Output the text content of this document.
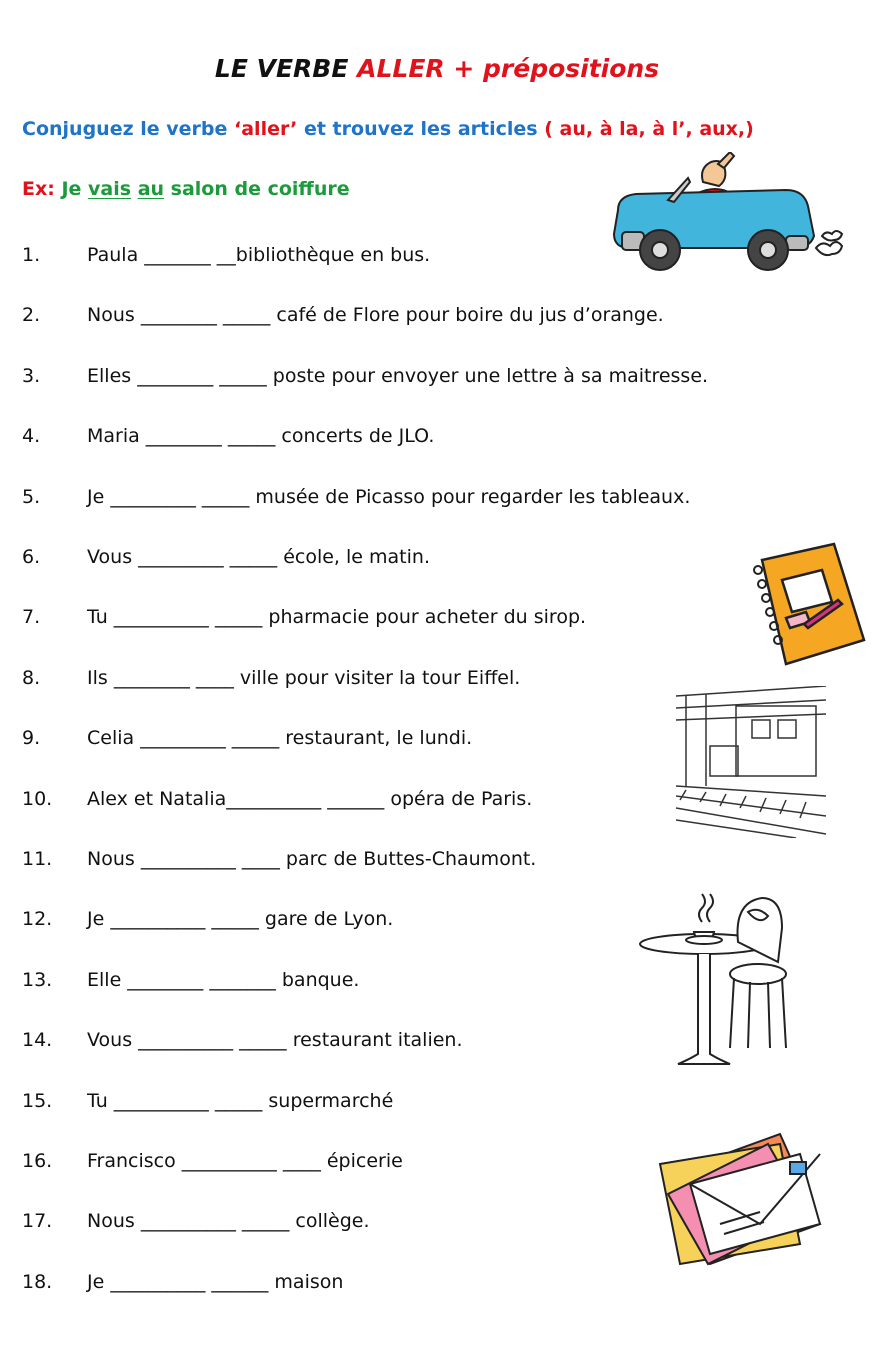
LE VERBE ALLER + prépositions
Conjuguez le verbe ‘aller’ et trouvez les articles ( au, à la, à l’, aux,)
Ex: Je vais au salon de coiffure
1. Paula _______ __bibliothèque en bus.
2. Nous ________ _____ café de Flore pour boire du jus d’orange.
3. Elles ________ _____ poste pour envoyer une lettre à sa maitresse.
4. Maria ________ _____ concerts de JLO.
5. Je _________ _____ musée de Picasso pour regarder les tableaux.
6. Vous _________ _____ école, le matin.
7. Tu __________ _____ pharmacie pour acheter du sirop.
8. Ils ________ ____ ville pour visiter la tour Eiffel.
9. Celia _________ _____ restaurant, le lundi.
10. Alex et Natalia__________ ______ opéra de Paris.
11. Nous __________ ____ parc de Buttes-Chaumont.
12. Je __________ _____ gare de Lyon.
13. Elle ________ _______ banque.
14. Vous __________ _____ restaurant italien.
15. Tu __________ _____ supermarché
16. Francisco __________ ____ épicerie
17. Nous __________ _____ collège.
18. Je __________ ______ maison
